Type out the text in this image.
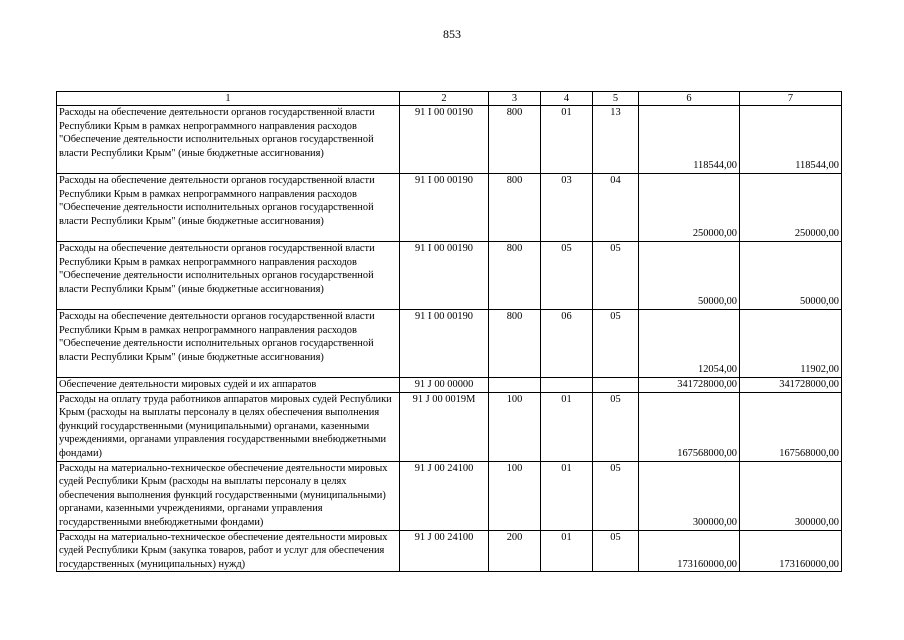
853
1	2	3	4	5	6	7
Расходы на обеспечение деятельности органов государственной власти Республики Крым в рамках непрограммного направления расходов "Обеспечение деятельности исполнительных органов государственной власти Республики Крым" (иные бюджетные ассигнования)	91 I 00 00190	800	01	13	118544,00	118544,00
Расходы на обеспечение деятельности органов государственной власти Республики Крым в рамках непрограммного направления расходов "Обеспечение деятельности исполнительных органов государственной власти Республики Крым" (иные бюджетные ассигнования)	91 I 00 00190	800	03	04	250000,00	250000,00
Расходы на обеспечение деятельности органов государственной власти Республики Крым в рамках непрограммного направления расходов "Обеспечение деятельности исполнительных органов государственной власти Республики Крым" (иные бюджетные ассигнования)	91 I 00 00190	800	05	05	50000,00	50000,00
Расходы на обеспечение деятельности органов государственной власти Республики Крым в рамках непрограммного направления расходов "Обеспечение деятельности исполнительных органов государственной власти Республики Крым" (иные бюджетные ассигнования)	91 I 00 00190	800	06	05	12054,00	11902,00
Обеспечение деятельности мировых судей и их аппаратов	91 J 00 00000				341728000,00	341728000,00
Расходы на оплату труда работников аппаратов мировых судей Республики Крым (расходы на выплаты персоналу в целях обеспечения выполнения функций государственными (муниципальными) органами, казенными учреждениями, органами управления государственными внебюджетными фондами)	91 J 00 0019М	100	01	05	167568000,00	167568000,00
Расходы на материально-техническое обеспечение деятельности мировых судей Республики Крым (расходы на выплаты персоналу в целях обеспечения выполнения функций государственными (муниципальными) органами, казенными учреждениями, органами управления государственными внебюджетными фондами)	91 J 00 24100	100	01	05	300000,00	300000,00
Расходы на материально-техническое обеспечение деятельности мировых судей Республики Крым (закупка товаров, работ и услуг для обеспечения государственных (муниципальных) нужд)	91 J 00 24100	200	01	05	173160000,00	173160000,00
